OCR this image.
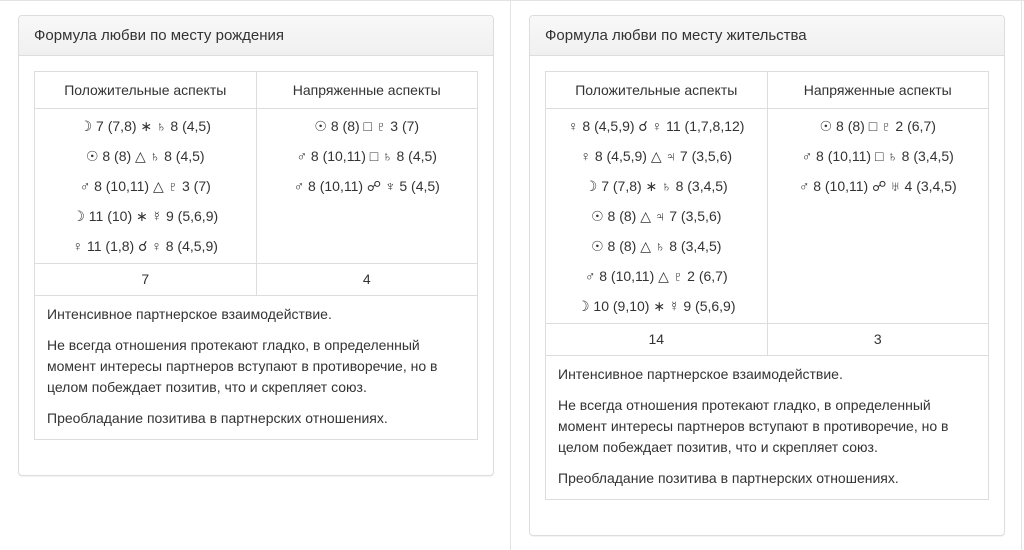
Формула любви по месту рождения
Положительные аспекты	Напряженные аспекты

☽ 7 (7,8) ∗ ♄ 8 (4,5)
☉ 8 (8) △ ♄ 8 (4,5)
♂ 8 (10,11) △ ♇ 3 (7)
☽ 11 (10) ∗ ☿ 9 (5,6,9)
♀ 11 (1,8) ☌ ♀ 8 (4,5,9)

☉ 8 (8) □ ♇ 3 (7)
♂ 8 (10,11) □ ♄ 8 (4,5)
♂ 8 (10,11) ☍ ♆ 5 (4,5)

7	4

Интенсивное партнерское взаимодействие.

Не всегда отношения протекают гладко, в определенный момент интересы партнеров вступают в противоречие, но в целом побеждает позитив, что и скрепляет союз.

Преобладание позитива в партнерских отношениях.	

Формула любви по месту жительства
Положительные аспекты	Напряженные аспекты

♀ 8 (4,5,9) ☌ ♀ 11 (1,7,8,12)
♀ 8 (4,5,9) △ ♃ 7 (3,5,6)
☽ 7 (7,8) ∗ ♄ 8 (3,4,5)
☉ 8 (8) △ ♃ 7 (3,5,6)
☉ 8 (8) △ ♄ 8 (3,4,5)
♂ 8 (10,11) △ ♇ 2 (6,7)
☽ 10 (9,10) ∗ ☿ 9 (5,6,9)

☉ 8 (8) □ ♇ 2 (6,7)
♂ 8 (10,11) □ ♄ 8 (3,4,5)
♂ 8 (10,11) ☍ ♅ 4 (3,4,5)

14	3

Интенсивное партнерское взаимодействие.

Не всегда отношения протекают гладко, в определенный момент интересы партнеров вступают в противоречие, но в целом побеждает позитив, что и скрепляет союз.

Преобладание позитива в партнерских отношениях.	
